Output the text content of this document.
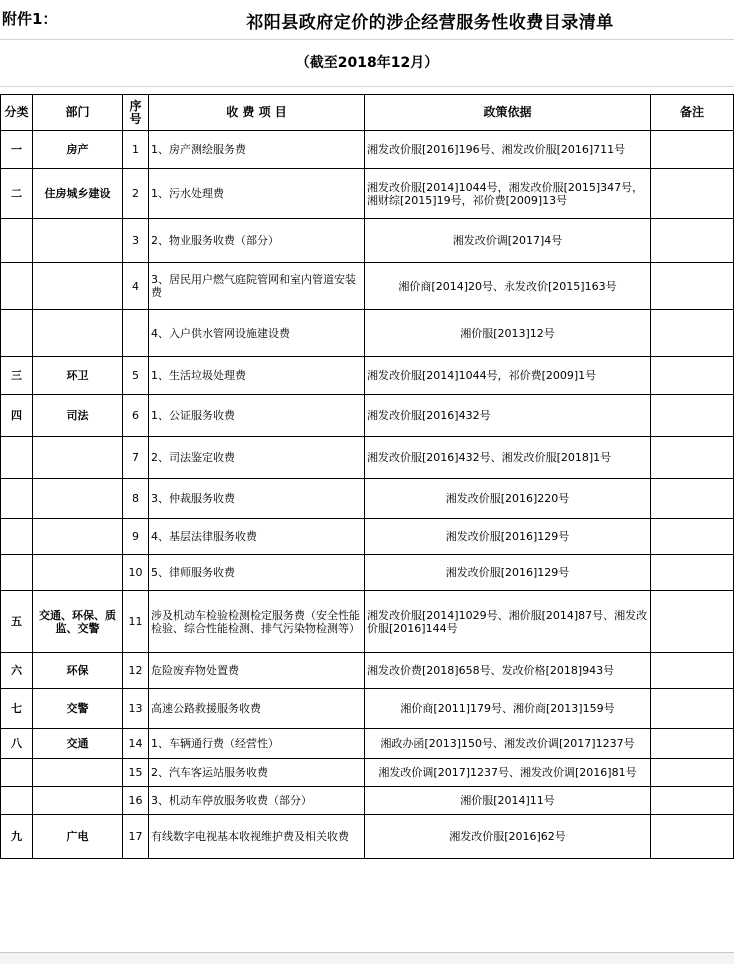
附件1：	祁阳县政府定价的涉企经营服务性收费目录清单
（截至2018年12月）
分类	部门	序号	收 费 项 目	政策依据	备注
一	房产	1	1、房产测绘服务费	湘发改价服[2016]196号、湘发改价服[2016]711号	
二	住房城乡建设	2	1、污水处理费	湘发改价服[2014]1044号，湘发改价服[2015]347号，湘财综[2015]19号，祁价费[2009]13号	
		3	2、物业服务收费（部分）	湘发改价调[2017]4号	
		4	3、居民用户燃气庭院管网和室内管道安装费	湘价商[2014]20号、永发改价[2015]163号	
			4、入户供水管网设施建设费	湘价服[2013]12号	
三	环卫	5	1、生活垃圾处理费	湘发改价服[2014]1044号，祁价费[2009]1号	
四	司法	6	1、公证服务收费	湘发改价服[2016]432号	
		7	2、司法鉴定收费	湘发改价服[2016]432号、湘发改价服[2018]1号	
		8	3、仲裁服务收费	湘发改价服[2016]220号	
		9	4、基层法律服务收费	湘发改价服[2016]129号	
		10	5、律师服务收费	湘发改价服[2016]129号	
五	交通、环保、质监、交警	11	涉及机动车检验检测检定服务费（安全性能检验、综合性能检测、排气污染物检测等）	湘发改价服[2014]1029号、湘价服[2014]87号、湘发改价服[2016]144号	
六	环保	12	危险废弃物处置费	湘发改价费[2018]658号、发改价格[2018]943号	
七	交警	13	高速公路救援服务收费	湘价商[2011]179号、湘价商[2013]159号	
八	交通	14	1、车辆通行费（经营性）	湘政办函[2013]150号、湘发改价调[2017]1237号	
		15	2、汽车客运站服务收费	湘发改价调[2017]1237号、湘发改价调[2016]81号	
		16	3、机动车停放服务收费（部分）	湘价服[2014]11号	
九	广电	17	有线数字电视基本收视维护费及相关收费	湘发改价服[2016]62号	
